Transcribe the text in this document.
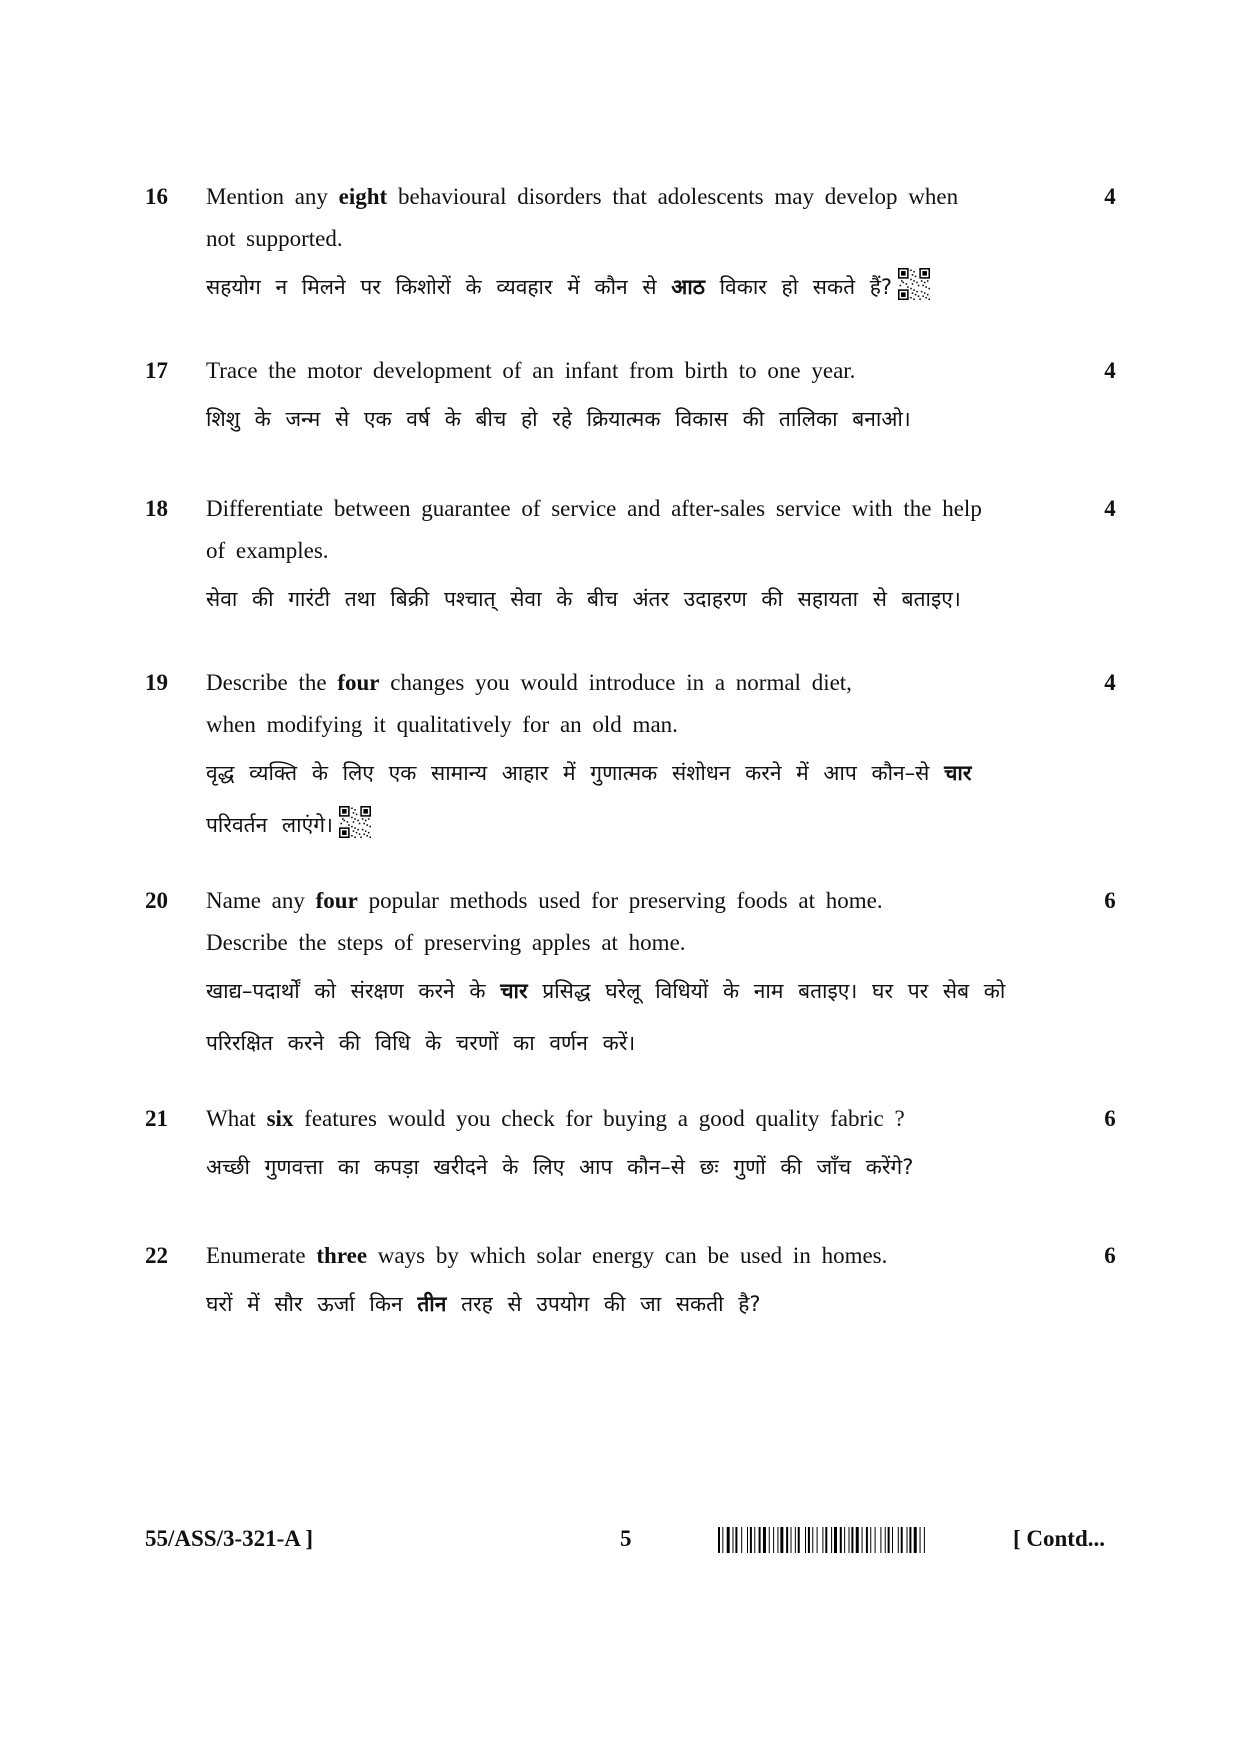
16 Mention any eight behavioural disorders that adolescents may develop when

not supported.

सहयोग न मिलने पर किशोरों के व्यवहार में कौन से आठ विकार हो सकते हैं?

4
17 Trace the motor development of an infant from birth to one year.

शिशु के जन्म से एक वर्ष के बीच हो रहे क्रियात्मक विकास की तालिका बनाओ।

4
18 Differentiate between guarantee of service and after-sales service with the help

of examples.

सेवा की गारंटी तथा बिक्री पश्चात् सेवा के बीच अंतर उदाहरण की सहायता से बताइए।

4
19 Describe the four changes you would introduce in a normal diet,

when modifying it qualitatively for an old man.

वृद्ध व्यक्ति के लिए एक सामान्य आहार में गुणात्मक संशोधन करने में आप कौन–से चार

परिवर्तन लाएंगे।

4
20 Name any four popular methods used for preserving foods at home.

Describe the steps of preserving apples at home.

खाद्य–पदार्थों को संरक्षण करने के चार प्रसिद्ध घरेलू विधियों के नाम बताइए। घर पर सेब को

परिरक्षित करने की विधि के चरणों का वर्णन करें।

6
21 What six features would you check for buying a good quality fabric ?

अच्छी गुणवत्ता का कपड़ा खरीदने के लिए आप कौन–से छः गुणों की जाँच करेंगे?

6
22 Enumerate three ways by which solar energy can be used in homes.

घरों में सौर ऊर्जा किन तीन तरह से उपयोग की जा सकती है?

6
55/ASS/3-321-A ]	5	[ Contd...
